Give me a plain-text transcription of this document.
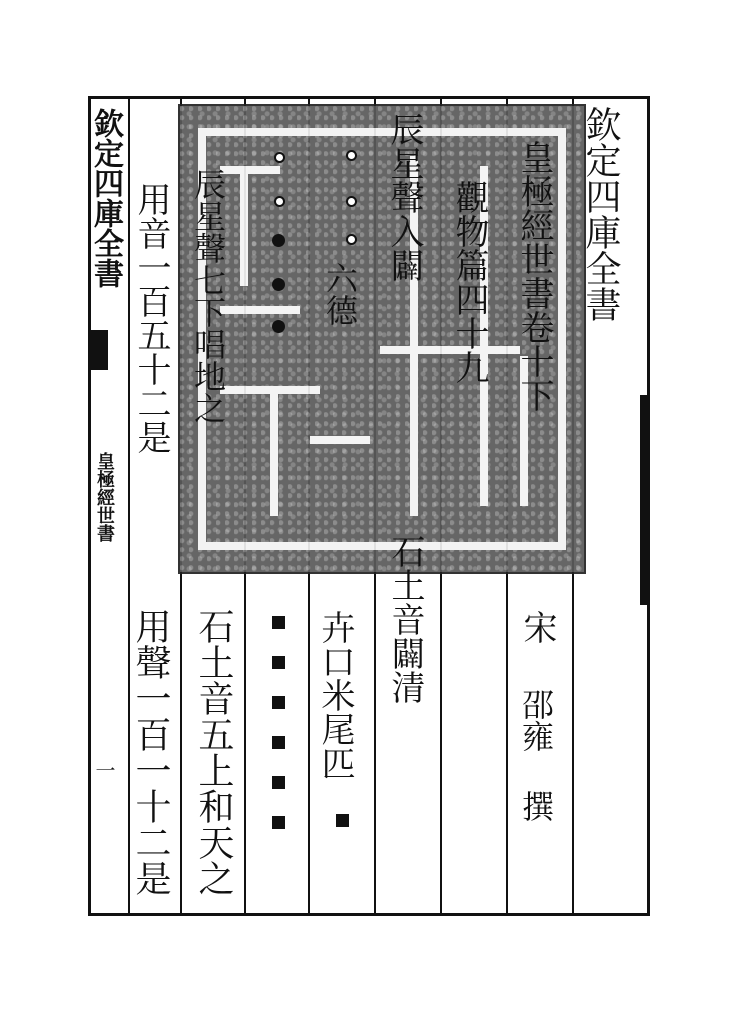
欽定四庫全書
皇極經世書
一
欽定四庫全書
皇極經世書卷十下
觀物篇四十九
辰星聲入闢
六德
辰星聲七下唱地之
用音一百五十二是
宋
邵雍
撰
石土音闢清
卉口米尾匹
石土音五上和天之
用聲一百一十二是
